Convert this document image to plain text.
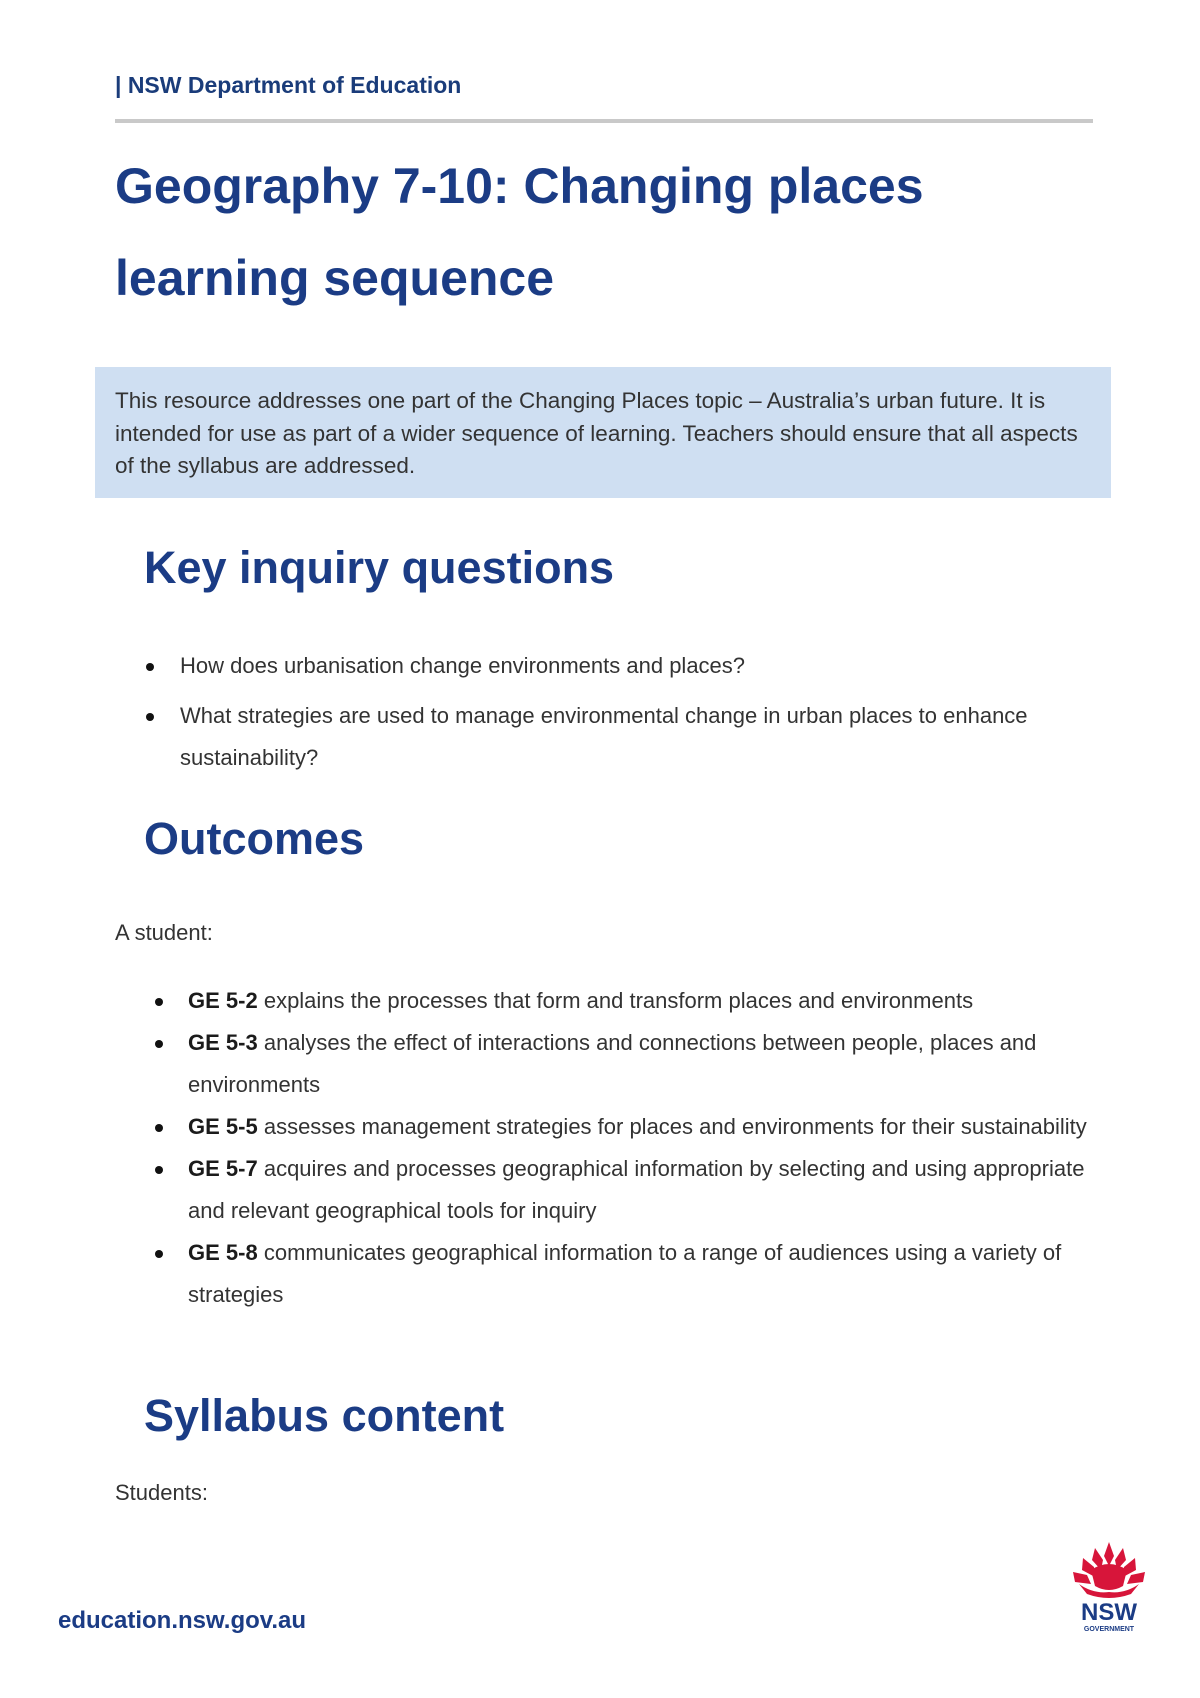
| NSW Department of Education
Geography 7-10: Changing places
learning sequence
This resource addresses one part of the Changing Places topic – Australia’s urban future. It is intended for use as part of a wider sequence of learning. Teachers should ensure that all aspects of the syllabus are addressed.
Key inquiry questions
How does urbanisation change environments and places?
What strategies are used to manage environmental change in urban places to enhance sustainability?
Outcomes

A student:

GE 5-2 explains the processes that form and transform places and environments
GE 5-3 analyses the effect of interactions and connections between people, places and environments
GE 5-5 assesses management strategies for places and environments for their sustainability
GE 5-7 acquires and processes geographical information by selecting and using appropriate and relevant geographical tools for inquiry
GE 5-8 communicates geographical information to a range of audiences using a variety of strategies
Syllabus content

Students:

education.nsw.gov.au	NSW
GOVERNMENT
